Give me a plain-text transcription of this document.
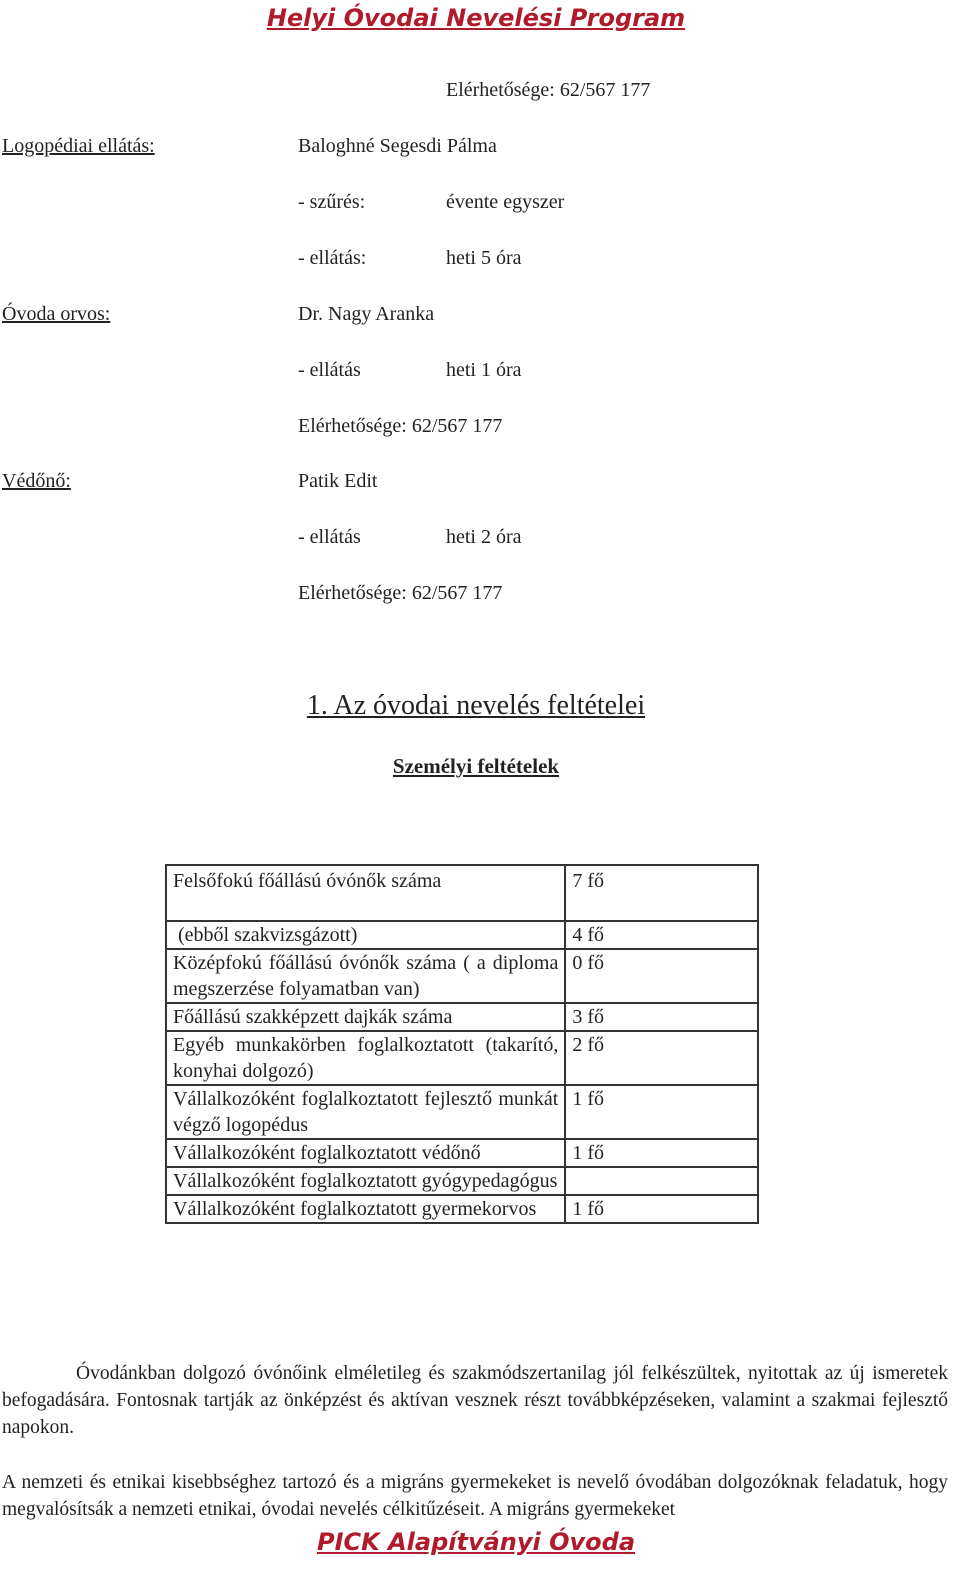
Helyi Óvodai Nevelési Program
Elérhetősége: 62/567 177
Logopédiai ellátás:	Baloghné Segesdi Pálma
- szűrés:	évente egyszer
- ellátás:	heti 5 óra
Óvoda orvos:	Dr. Nagy Aranka
- ellátás	heti 1 óra
Elérhetősége: 62/567 177
Védőnő:	Patik Edit
- ellátás	heti 2 óra
Elérhetősége: 62/567 177
1. Az óvodai nevelés feltételei
Személyi feltételek
Felsőfokú főállású óvónők száma	7 fő
(ebből szakvizsgázott)	4 fő
Középfokú főállású óvónők száma ( a diploma megszerzése folyamatban van)	0 fő
Főállású szakképzett dajkák száma	3 fő
Egyéb munkakörben foglalkoztatott (takarító, konyhai dolgozó)	2 fő
Vállalkozóként foglalkoztatott fejlesztő munkát végző logopédus	1 fő
Vállalkozóként foglalkoztatott védőnő	1 fő
Vállalkozóként foglalkoztatott gyógypedagógus	
Vállalkozóként foglalkoztatott gyermekorvos	1 fő
Óvodánkban dolgozó óvónőink elméletileg és szakmódszertanilag jól felkészültek, nyitottak az új ismeretek befogadására. Fontosnak tartják az önképzést és aktívan vesznek részt továbbképzéseken, valamint a szakmai fejlesztő napokon.
A nemzeti és etnikai kisebbséghez tartozó és a migráns gyermekeket is nevelő óvodában dolgozóknak feladatuk, hogy megvalósítsák a nemzeti etnikai, óvodai nevelés célkitűzéseit. A migráns gyermekeket
PICK Alapítványi Óvoda
